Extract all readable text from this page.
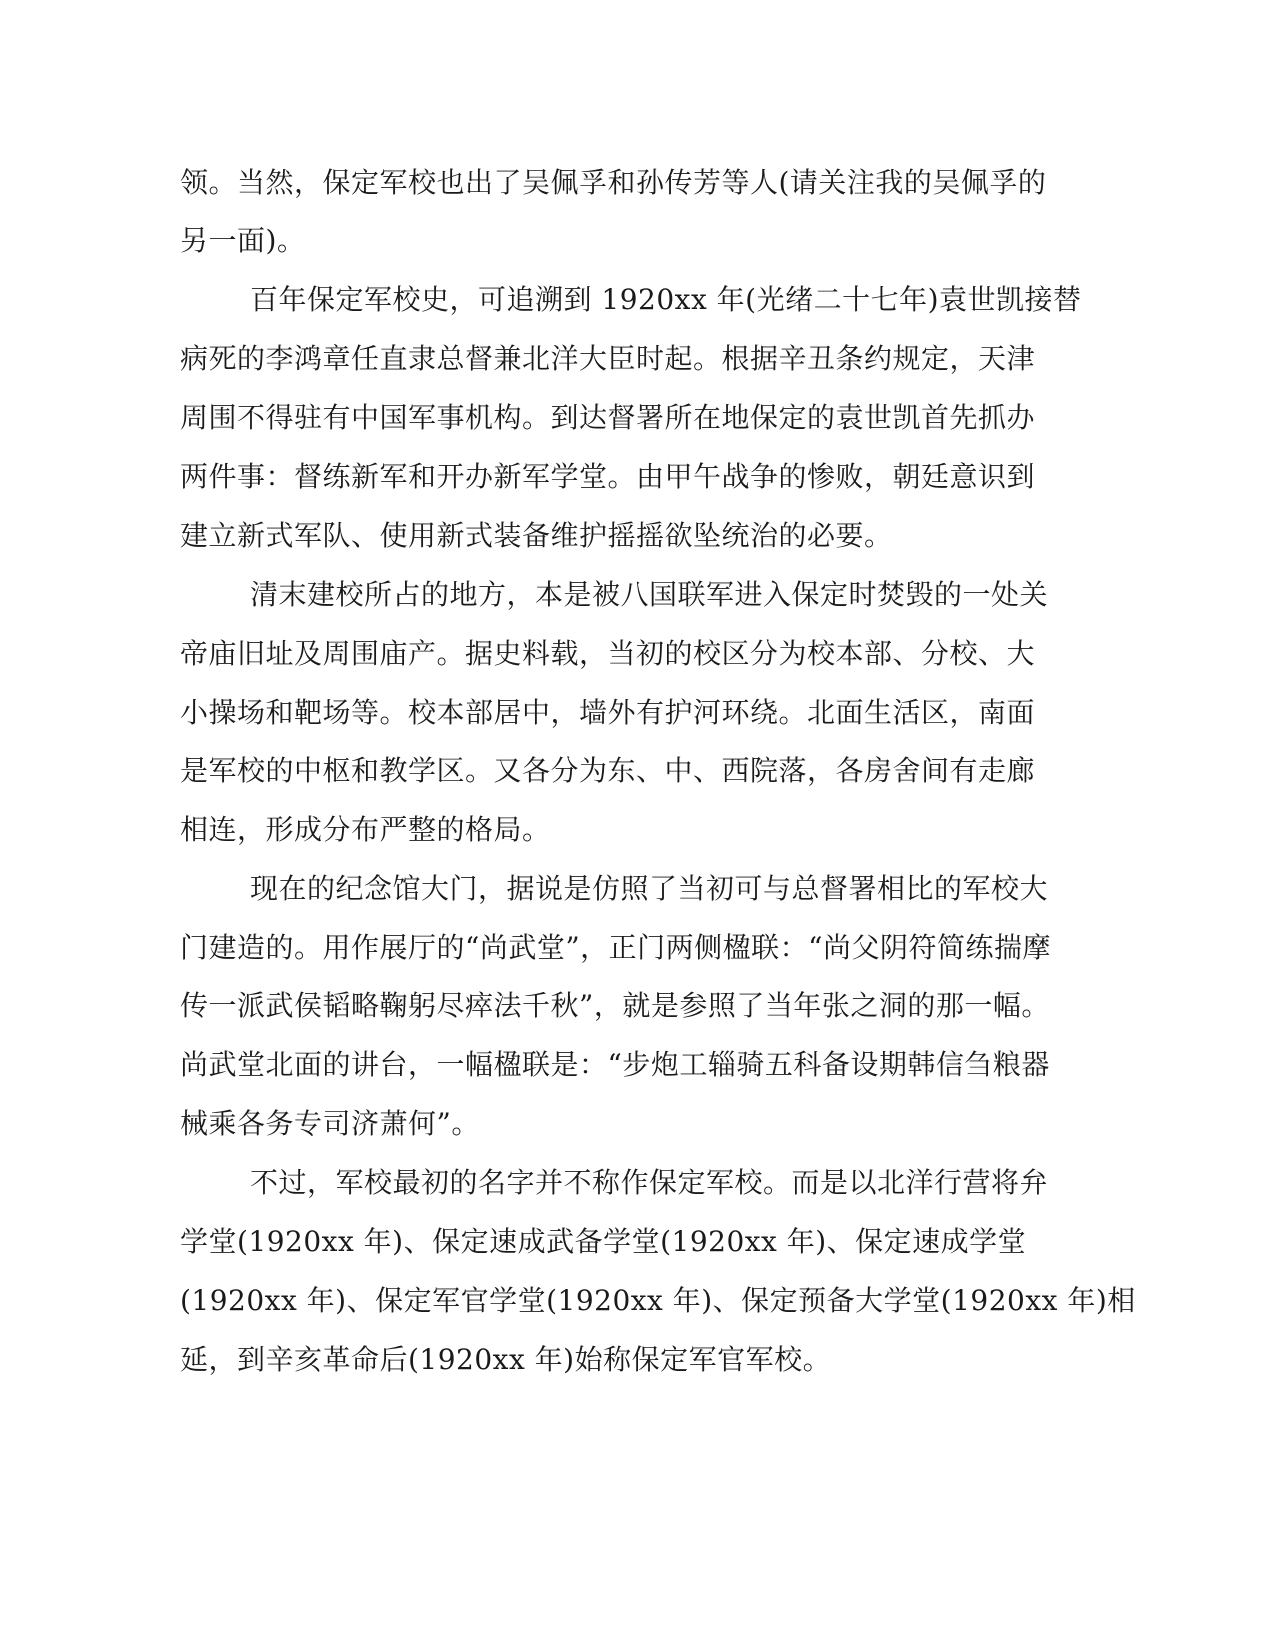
领。当然，保定军校也出了吴佩孚和孙传芳等人(请关注我的吴佩孚的
另一面)。
百年保定军校史，可追溯到 1920xx 年(光绪二十七年)袁世凯接替
病死的李鸿章任直隶总督兼北洋大臣时起。根据辛丑条约规定，天津
周围不得驻有中国军事机构。到达督署所在地保定的袁世凯首先抓办
两件事：督练新军和开办新军学堂。由甲午战争的惨败，朝廷意识到
建立新式军队、使用新式装备维护摇摇欲坠统治的必要。
清末建校所占的地方，本是被八国联军进入保定时焚毁的一处关
帝庙旧址及周围庙产。据史料载，当初的校区分为校本部、分校、大
小操场和靶场等。校本部居中，墙外有护河环绕。北面生活区，南面
是军校的中枢和教学区。又各分为东、中、西院落，各房舍间有走廊
相连，形成分布严整的格局。
现在的纪念馆大门，据说是仿照了当初可与总督署相比的军校大
门建造的。用作展厅的“尚武堂”，正门两侧楹联：“尚父阴符简练揣摩
传一派武侯韬略鞠躬尽瘁法千秋”，就是参照了当年张之洞的那一幅。
尚武堂北面的讲台，一幅楹联是：“步炮工辎骑五科备设期韩信刍粮器
械乘各务专司济萧何”。
不过，军校最初的名字并不称作保定军校。而是以北洋行营将弁
学堂(1920xx 年)、保定速成武备学堂(1920xx 年)、保定速成学堂
(1920xx 年)、保定军官学堂(1920xx 年)、保定预备大学堂(1920xx 年)相
延，到辛亥革命后(1920xx 年)始称保定军官军校。
